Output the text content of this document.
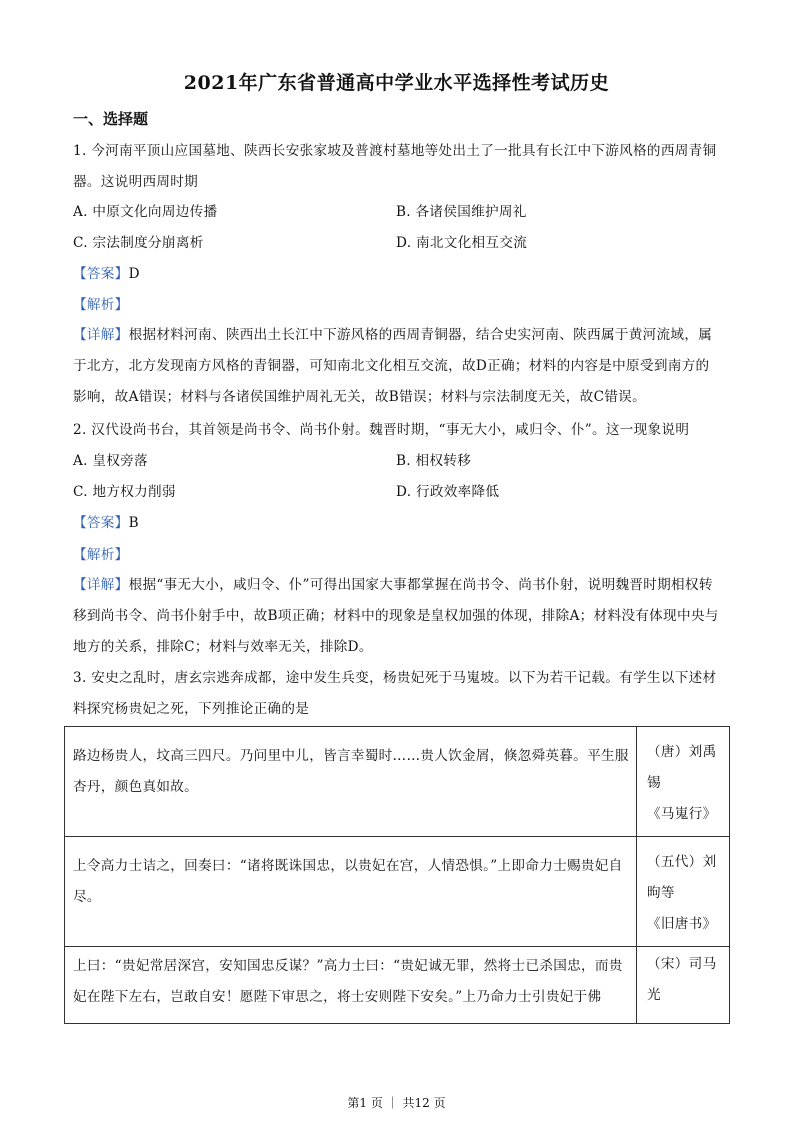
2021年广东省普通高中学业水平选择性考试历史
一、选择题
1. 今河南平顶山应国墓地、陕西长安张家坡及普渡村墓地等处出土了一批具有长江中下游风格的西周青铜器。这说明西周时期
A. 中原文化向周边传播	B. 各诸侯国维护周礼
C. 宗法制度分崩离析	D. 南北文化相互交流
【答案】D
【解析】
【详解】根据材料河南、陕西出土长江中下游风格的西周青铜器，结合史实河南、陕西属于黄河流域，属于北方，北方发现南方风格的青铜器，可知南北文化相互交流，故D正确；材料的内容是中原受到南方的影响，故A错误；材料与各诸侯国维护周礼无关，故B错误；材料与宗法制度无关，故C错误。
2. 汉代设尚书台，其首领是尚书令、尚书仆射。魏晋时期，“事无大小，咸归令、仆”。这一现象说明
A. 皇权旁落	B. 相权转移
C. 地方权力削弱	D. 行政效率降低
【答案】B
【解析】
【详解】根据“事无大小，咸归令、仆”可得出国家大事都掌握在尚书令、尚书仆射，说明魏晋时期相权转移到尚书令、尚书仆射手中，故B项正确；材料中的现象是皇权加强的体现，排除A；材料没有体现中央与地方的关系，排除C；材料与效率无关，排除D。
3. 安史之乱时，唐玄宗逃奔成都，途中发生兵变，杨贵妃死于马嵬坡。以下为若干记载。有学生以下述材料探究杨贵妃之死，下列推论正确的是
路边杨贵人，坟高三四尺。乃问里中儿，皆言幸蜀时……贵人饮金屑，倏忽舜英暮。平生服杏丹，颜色真如故。	（唐）刘禹锡
《马嵬行》

上令高力士诘之，回奏曰：“诸将既诛国忠，以贵妃在宫，人情恐惧。”上即命力士赐贵妃自尽。	（五代）刘昫等
《旧唐书》

上曰：“贵妃常居深宫，安知国忠反谋？”高力士曰：“贵妃诚无罪，然将士已杀国忠，而贵妃在陛下左右，岂敢自安！愿陛下审思之，将士安则陛下安矣。”上乃命力士引贵妃于佛	（宋）司马光
第1 页 ｜ 共12 页
